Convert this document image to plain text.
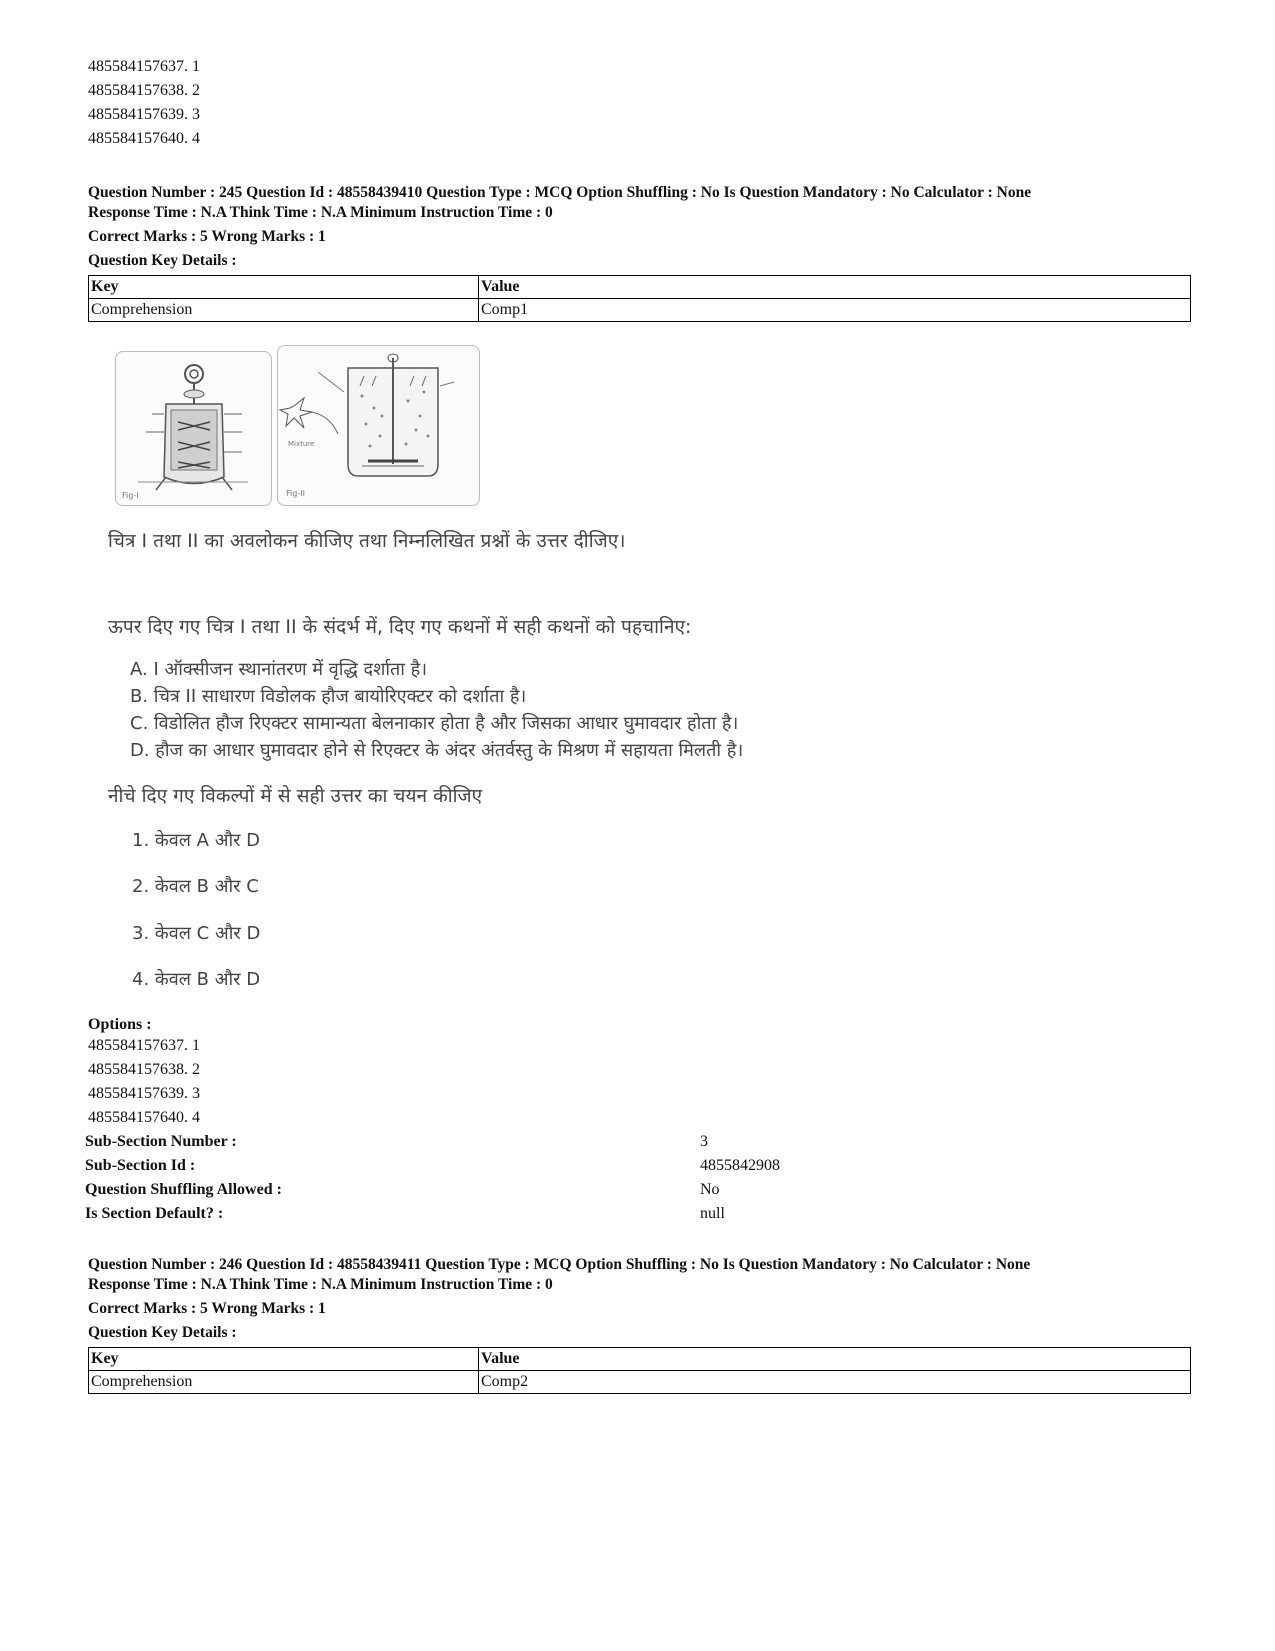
485584157637. 1
485584157638. 2
485584157639. 3
485584157640. 4
Question Number : 245 Question Id : 48558439410 Question Type : MCQ Option Shuffling : No Is Question Mandatory : No Calculator : None
Response Time : N.A Think Time : N.A Minimum Instruction Time : 0
Correct Marks : 5 Wrong Marks : 1
Question Key Details :
Key	Value
Comprehension	Comp1
Fig-I
Mixture
Fig-II
चित्र I तथा II का अवलोकन कीजिए तथा निम्नलिखित प्रश्नों के उत्तर दीजिए।
ऊपर दिए गए चित्र I तथा II के संदर्भ में, दिए गए कथनों में सही कथनों को पहचानिए:
A. I ऑक्सीजन स्थानांतरण में वृद्धि दर्शाता है।
B. चित्र II साधारण विडोलक हौज बायोरिएक्टर को दर्शाता है।
C. विडोलित हौज रिएक्टर सामान्यता बेलनाकार होता है और जिसका आधार घुमावदार होता है।
D. हौज का आधार घुमावदार होने से रिएक्टर के अंदर अंतर्वस्तु के मिश्रण में सहायता मिलती है।
नीचे दिए गए विकल्पों में से सही उत्तर का चयन कीजिए
1. केवल A और D
2. केवल B और C
3. केवल C और D
4. केवल B और D
Options :
485584157637. 1
485584157638. 2
485584157639. 3
485584157640. 4
Sub-Section Number :	3
Sub-Section Id :	4855842908
Question Shuffling Allowed :	No
Is Section Default? :	null
Question Number : 246 Question Id : 48558439411 Question Type : MCQ Option Shuffling : No Is Question Mandatory : No Calculator : None
Response Time : N.A Think Time : N.A Minimum Instruction Time : 0
Correct Marks : 5 Wrong Marks : 1
Question Key Details :
Key	Value
Comprehension	Comp2
